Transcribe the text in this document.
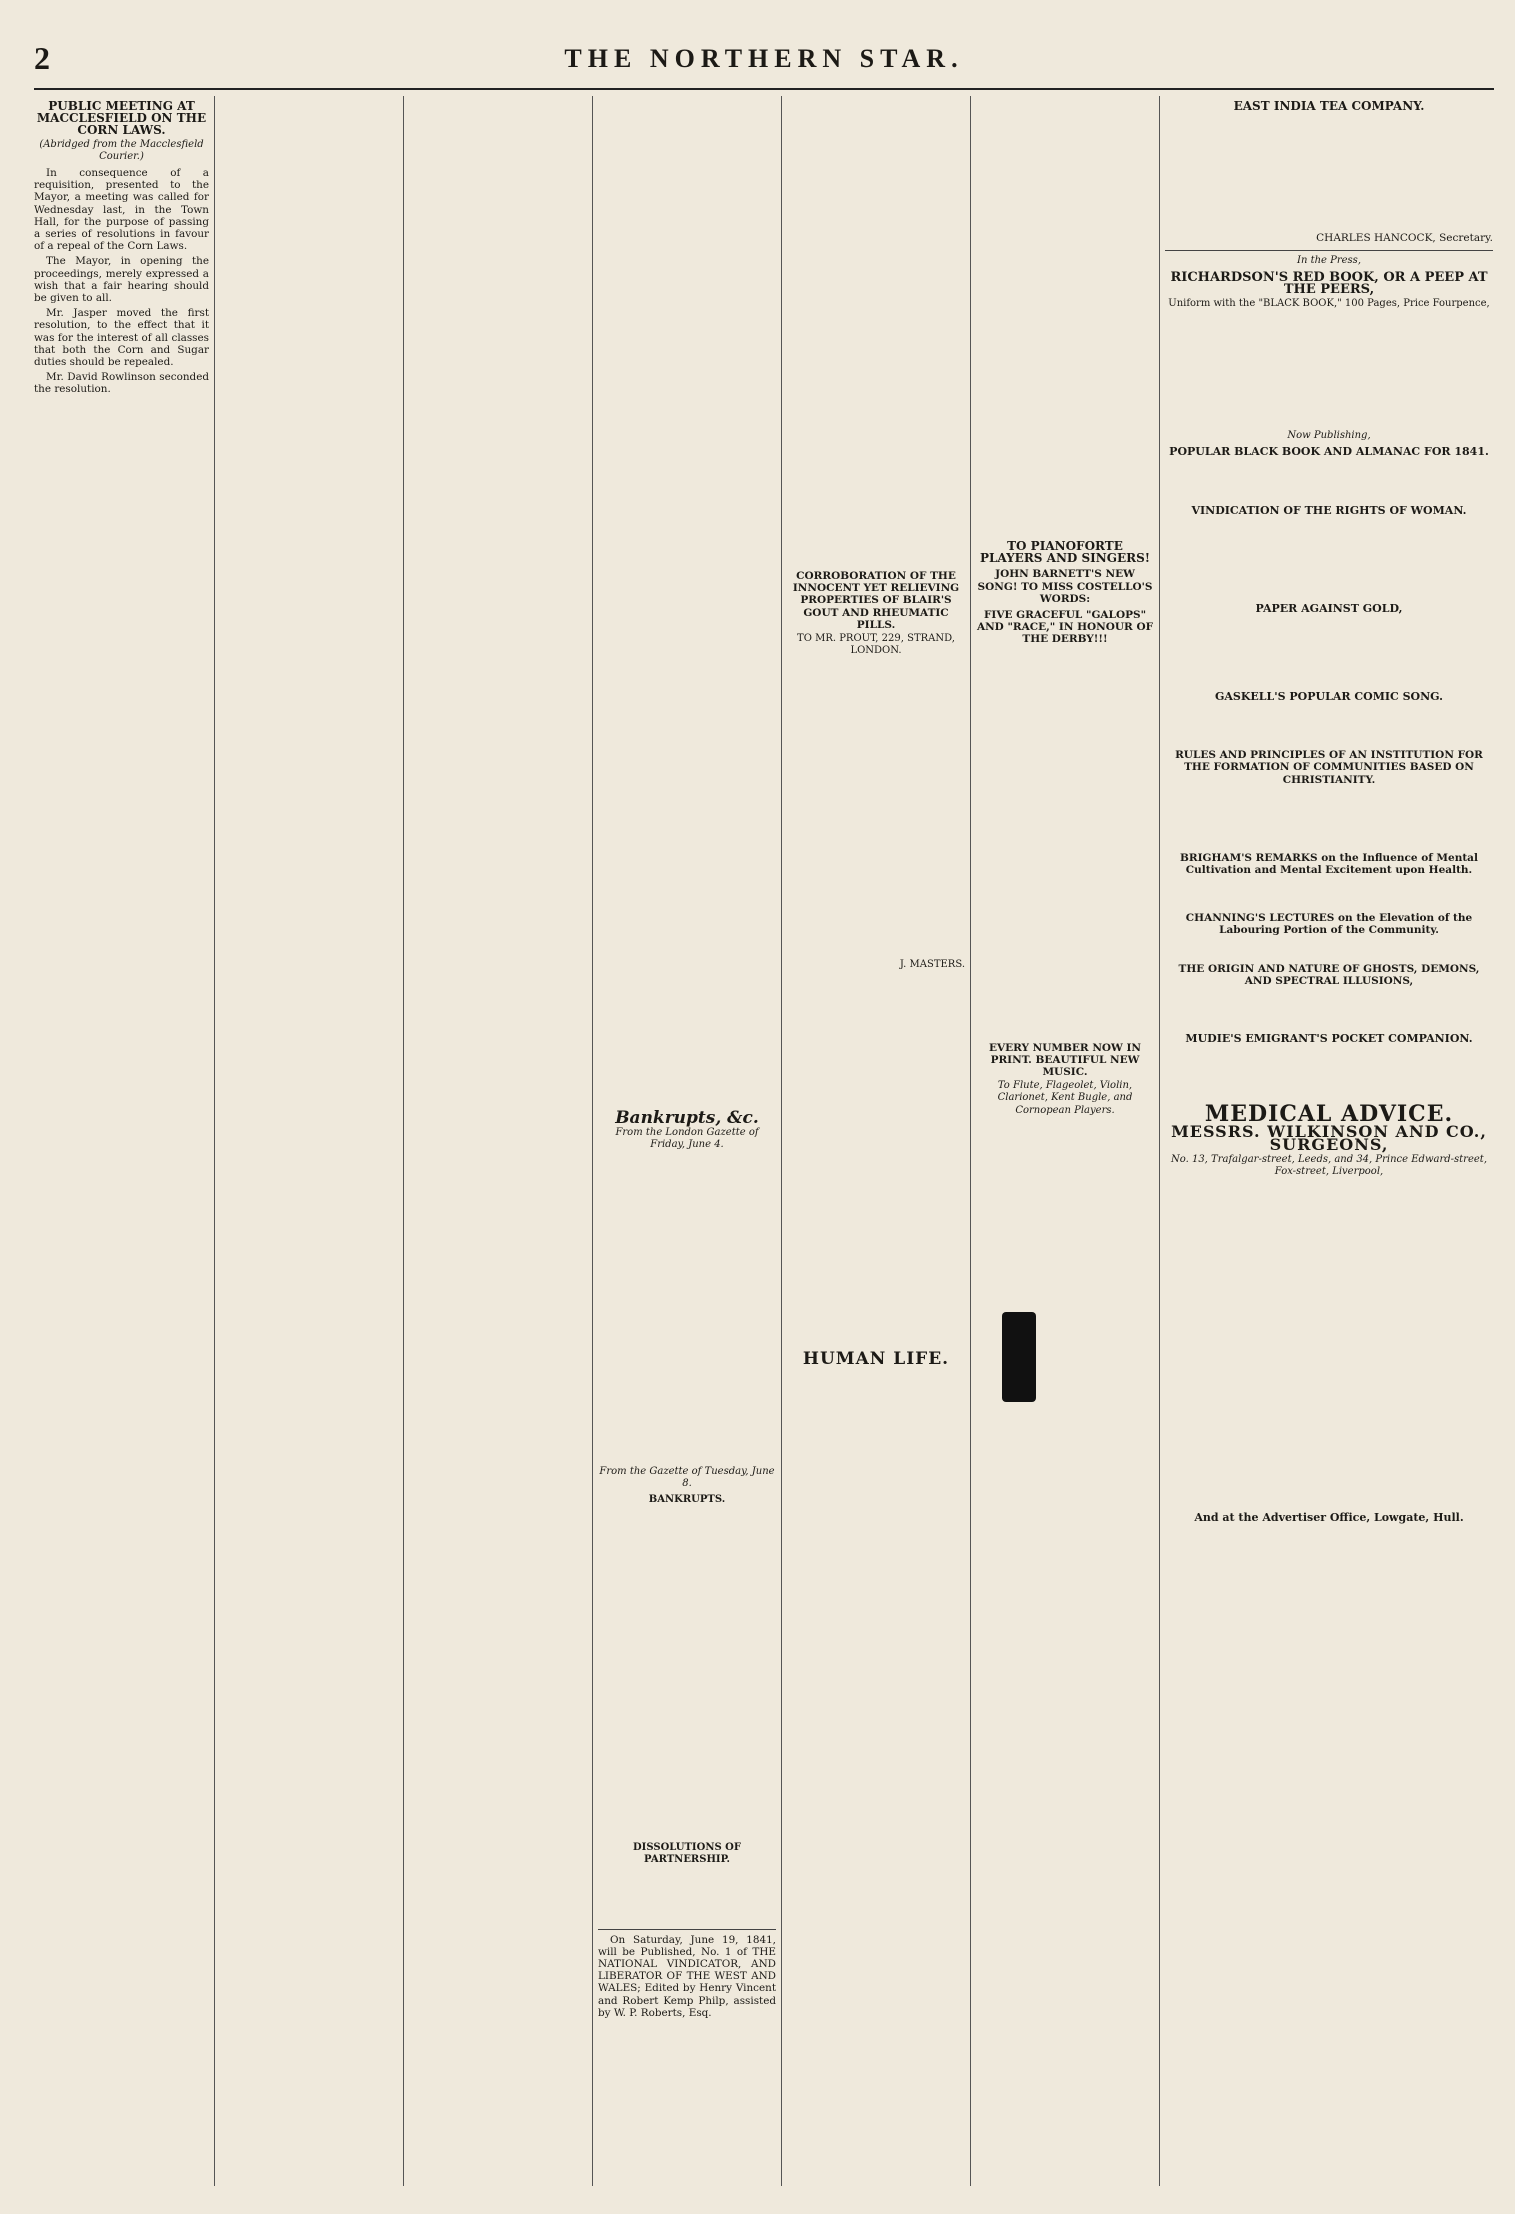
2	THE NORTHERN STAR.
PUBLIC MEETING AT MACCLESFIELD ON THE CORN LAWS.
(Abridged from the Macclesfield Courier.)

In consequence of a requisition, presented to the Mayor, a meeting was called for Wednesday last, in the Town Hall, for the purpose of passing a series of resolutions in favour of a repeal of the Corn Laws.

The Mayor, in opening the proceedings, merely expressed a wish that a fair hearing should be given to all.

Mr. Jasper moved the first resolution, to the effect that it was for the interest of all classes that both the Corn and Sugar duties should be repealed.

Mr. David Rowlinson seconded the resolution.

Bankrupts, &c.
From the London Gazette of Friday, June 4.
From the Gazette of Tuesday, June 8.
BANKRUPTS.
DISSOLUTIONS OF PARTNERSHIP.

On Saturday, June 19, 1841, will be Published, No. 1 of THE NATIONAL VINDICATOR, AND LIBERATOR OF THE WEST AND WALES; Edited by Henry Vincent and Robert Kemp Philp, assisted by W. P. Roberts, Esq.

CORROBORATION OF THE INNOCENT YET RELIEVING PROPERTIES OF BLAIR'S GOUT AND RHEUMATIC PILLS.
TO MR. PROUT, 229, STRAND, LONDON.
J. MASTERS.
HUMAN LIFE.
TO PIANOFORTE PLAYERS AND SINGERS!
JOHN BARNETT'S NEW SONG! TO MISS COSTELLO'S WORDS:
FIVE GRACEFUL "GALOPS" AND "RACE," IN HONOUR OF THE DERBY!!!
EVERY NUMBER NOW IN PRINT. BEAUTIFUL NEW MUSIC.
To Flute, Flageolet, Violin, Clarionet, Kent Bugle, and Cornopean Players.
EAST INDIA TEA COMPANY.
CHARLES HANCOCK, Secretary.
In the Press,
RICHARDSON'S RED BOOK, OR A PEEP AT THE PEERS,
Uniform with the "BLACK BOOK," 100 Pages, Price Fourpence,
Now Publishing,
POPULAR BLACK BOOK AND ALMANAC FOR 1841.
VINDICATION OF THE RIGHTS OF WOMAN.
PAPER AGAINST GOLD,
GASKELL'S POPULAR COMIC SONG.
RULES AND PRINCIPLES OF AN INSTITUTION FOR THE FORMATION OF COMMUNITIES BASED ON CHRISTIANITY.
BRIGHAM'S REMARKS on the Influence of Mental Cultivation and Mental Excitement upon Health.
CHANNING'S LECTURES on the Elevation of the Labouring Portion of the Community.
THE ORIGIN AND NATURE OF GHOSTS, DEMONS, AND SPECTRAL ILLUSIONS,
MUDIE'S EMIGRANT'S POCKET COMPANION.
MEDICAL ADVICE.
MESSRS. WILKINSON AND CO., SURGEONS,
No. 13, Trafalgar-street, Leeds, and 34, Prince Edward-street, Fox-street, Liverpool,
And at the Advertiser Office, Lowgate, Hull.
